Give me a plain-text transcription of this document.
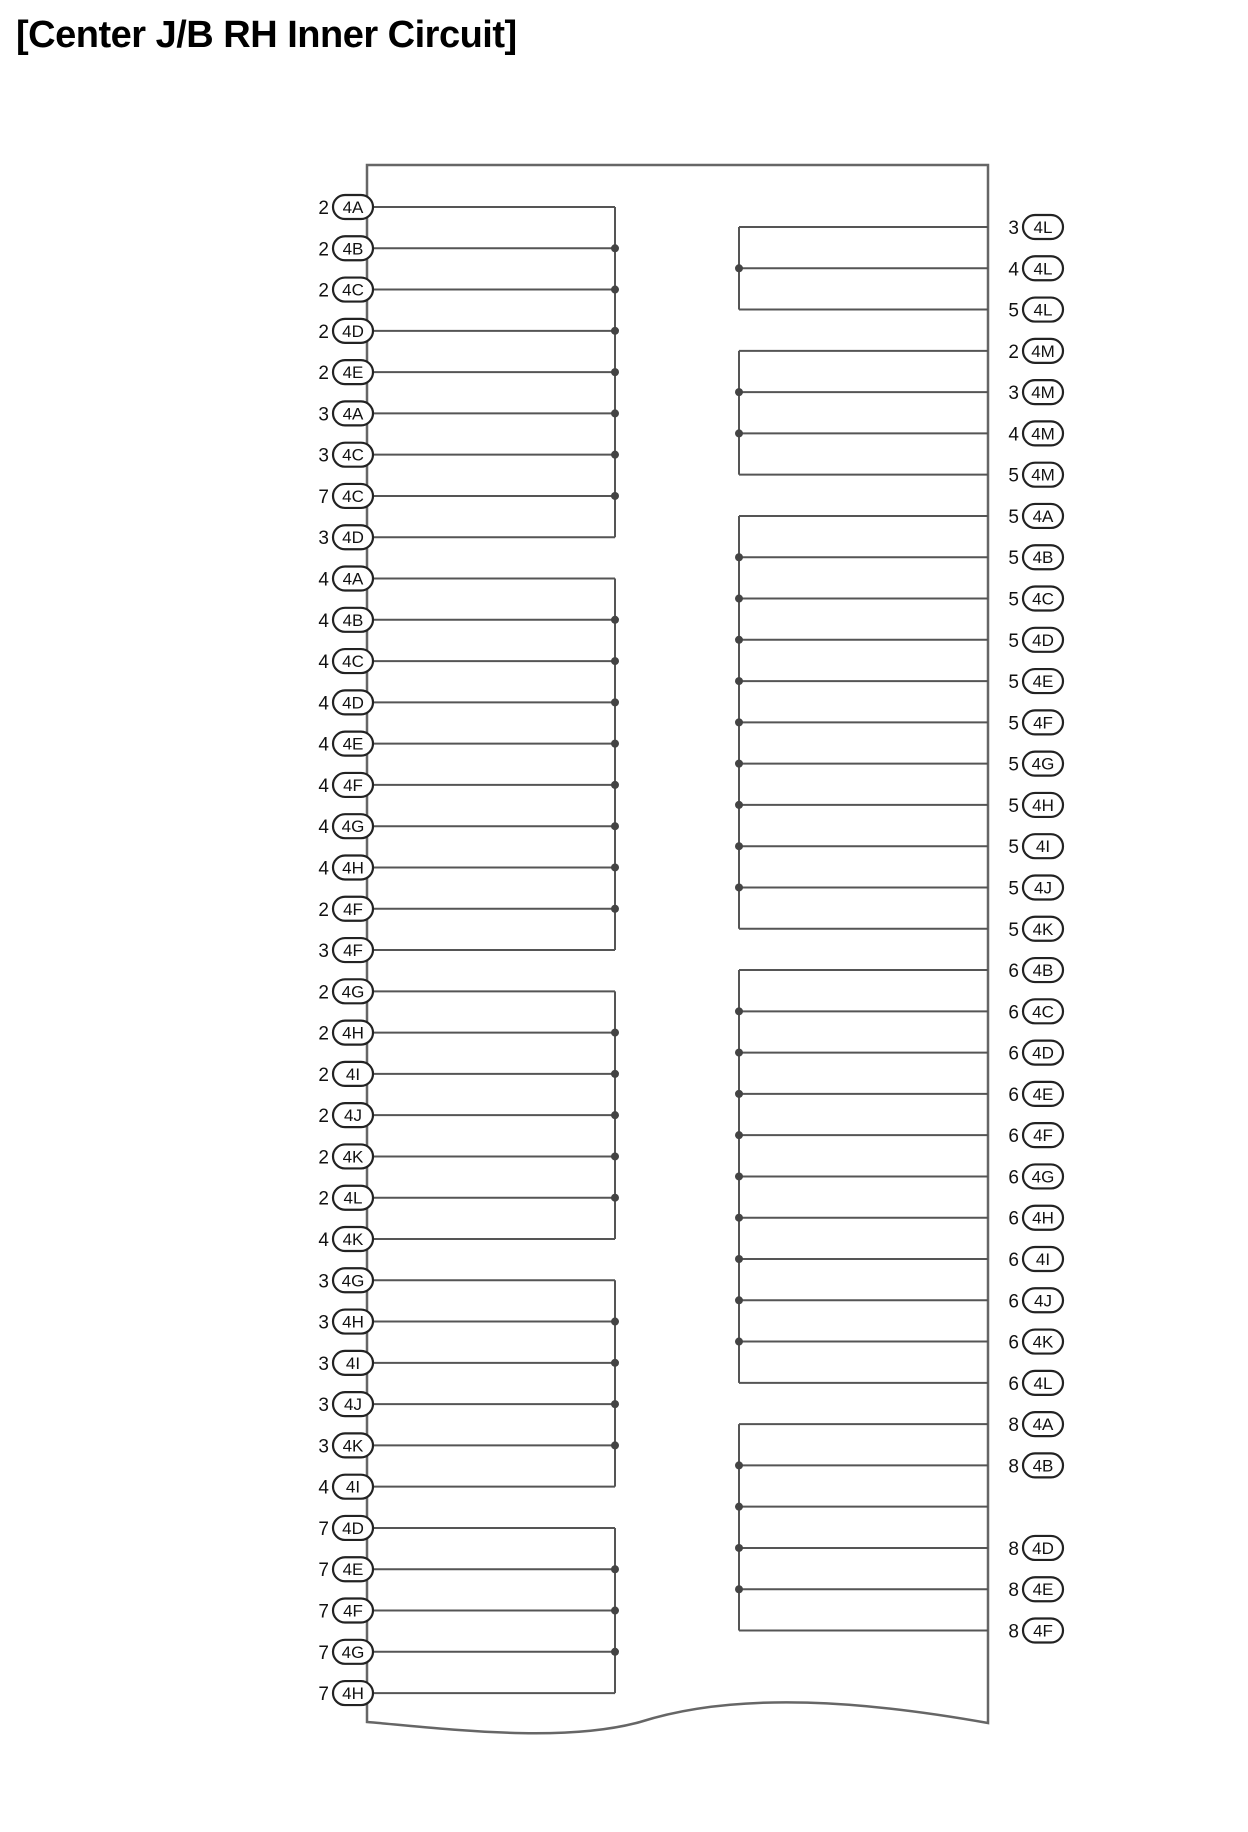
[Center J/B RH Inner Circuit]
2 4A
2 4B
2 4C
2 4D
2 4E
3 4A
3 4C
7 4C
3 4D
4 4A
4 4B
4 4C
4 4D
4 4E
4 4F
4 4G
4 4H
2 4F
3 4F
2 4G
2 4H
2 4I
2 4J
2 4K
2 4L
4 4K
3 4G
3 4H
3 4I
3 4J
3 4K
4 4I
7 4D
7 4E
7 4F
7 4G
7 4H
3 4L
4 4L
5 4L
2 4M
3 4M
4 4M
5 4M
5 4A
5 4B
5 4C
5 4D
5 4E
5 4F
5 4G
5 4H
5 4I
5 4J
5 4K
6 4B
6 4C
6 4D
6 4E
6 4F
6 4G
6 4H
6 4I
6 4J
6 4K
6 4L
8 4A
8 4B
8 4D
8 4E
8 4F
